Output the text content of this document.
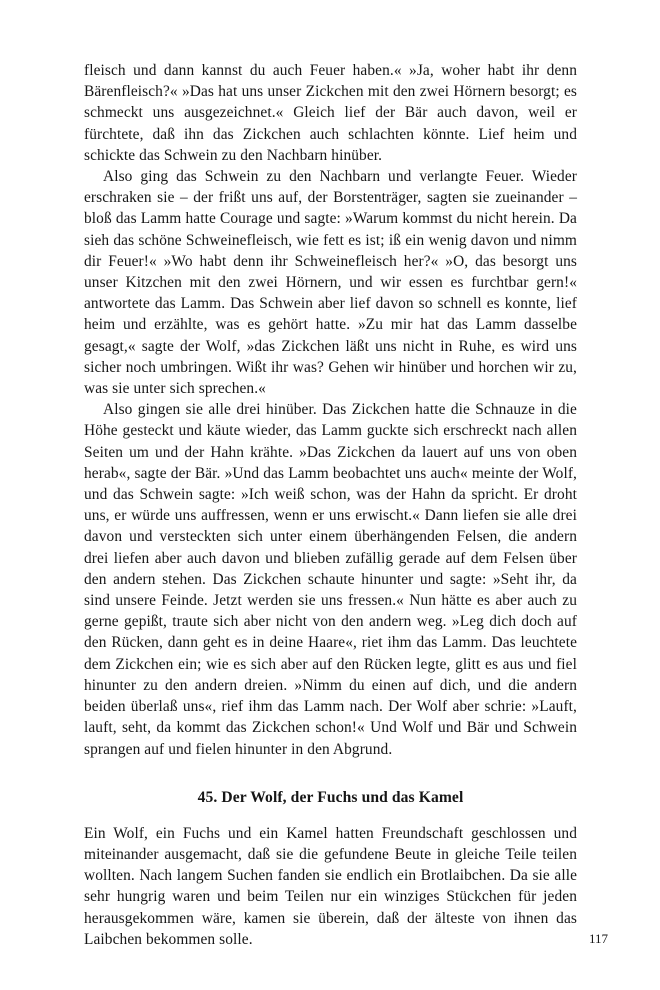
fleisch und dann kannst du auch Feuer haben.« »Ja, woher habt ihr denn Bärenfleisch?« »Das hat uns unser Zickchen mit den zwei Hörnern besorgt; es schmeckt uns ausgezeichnet.« Gleich lief der Bär auch davon, weil er fürchtete, daß ihn das Zickchen auch schlachten könnte. Lief heim und schickte das Schwein zu den Nachbarn hinüber.

Also ging das Schwein zu den Nachbarn und verlangte Feuer. Wieder erschraken sie – der frißt uns auf, der Borstenträger, sagten sie zueinander – bloß das Lamm hatte Courage und sagte: »Warum kommst du nicht herein. Da sieh das schöne Schweinefleisch, wie fett es ist; iß ein wenig davon und nimm dir Feuer!« »Wo habt denn ihr Schweinefleisch her?« »O, das besorgt uns unser Kitzchen mit den zwei Hörnern, und wir essen es furchtbar gern!« antwortete das Lamm. Das Schwein aber lief davon so schnell es konnte, lief heim und erzählte, was es gehört hatte. »Zu mir hat das Lamm dasselbe gesagt,« sagte der Wolf, »das Zickchen läßt uns nicht in Ruhe, es wird uns sicher noch umbringen. Wißt ihr was? Gehen wir hinüber und horchen wir zu, was sie unter sich sprechen.«

Also gingen sie alle drei hinüber. Das Zickchen hatte die Schnauze in die Höhe gesteckt und käute wieder, das Lamm guckte sich erschreckt nach allen Seiten um und der Hahn krähte. »Das Zickchen da lauert auf uns von oben herab«, sagte der Bär. »Und das Lamm beobachtet uns auch« meinte der Wolf, und das Schwein sagte: »Ich weiß schon, was der Hahn da spricht. Er droht uns, er würde uns auffressen, wenn er uns erwischt.« Dann liefen sie alle drei davon und versteckten sich unter einem überhängenden Felsen, die andern drei liefen aber auch davon und blieben zufällig gerade auf dem Felsen über den andern stehen. Das Zickchen schaute hinunter und sagte: »Seht ihr, da sind unsere Feinde. Jetzt werden sie uns fressen.« Nun hätte es aber auch zu gerne gepißt, traute sich aber nicht von den andern weg. »Leg dich doch auf den Rücken, dann geht es in deine Haare«, riet ihm das Lamm. Das leuchtete dem Zickchen ein; wie es sich aber auf den Rücken legte, glitt es aus und fiel hinunter zu den andern dreien. »Nimm du einen auf dich, und die andern beiden überlaß uns«, rief ihm das Lamm nach. Der Wolf aber schrie: »Lauft, lauft, seht, da kommt das Zickchen schon!« Und Wolf und Bär und Schwein sprangen auf und fielen hinunter in den Abgrund.

45. Der Wolf, der Fuchs und das Kamel

Ein Wolf, ein Fuchs und ein Kamel hatten Freundschaft geschlossen und miteinander ausgemacht, daß sie die gefundene Beute in gleiche Teile teilen wollten. Nach langem Suchen fanden sie endlich ein Brotlaibchen. Da sie alle sehr hungrig waren und beim Teilen nur ein winziges Stückchen für jeden herausgekommen wäre, kamen sie überein, daß der älteste von ihnen das Laibchen bekommen solle.	117
